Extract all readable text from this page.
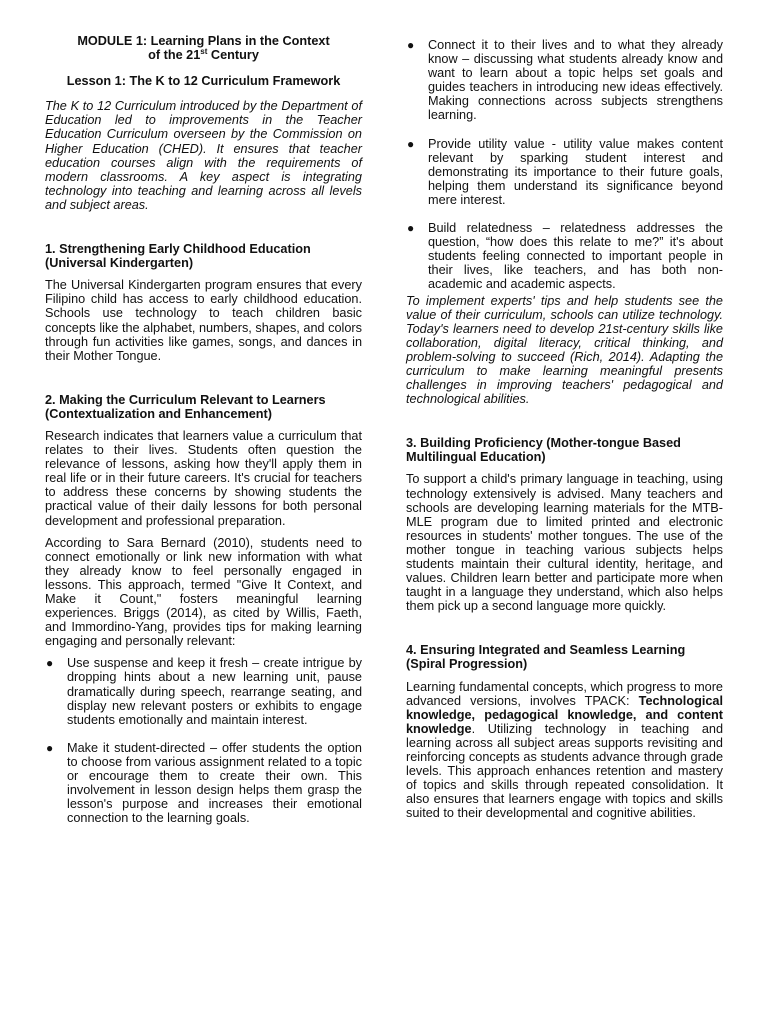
MODULE 1: Learning Plans in the Context
of the 21st Century
Lesson 1: The K to 12 Curriculum Framework

The K to 12 Curriculum introduced by the Department of Education led to improvements in the Teacher Education Curriculum overseen by the Commission on Higher Education (CHED). It ensures that teacher education courses align with the requirements of modern classrooms. A key aspect is integrating technology into teaching and learning across all levels and subject areas.

1. Strengthening Early Childhood Education (Universal Kindergarten)

The Universal Kindergarten program ensures that every Filipino child has access to early childhood education. Schools use technology to teach children basic concepts like the alphabet, numbers, shapes, and colors through fun activities like games, songs, and dances in their Mother Tongue.

2. Making the Curriculum Relevant to Learners (Contextualization and Enhancement)

Research indicates that learners value a curriculum that relates to their lives. Students often question the relevance of lessons, asking how they'll apply them in real life or in their future careers. It's crucial for teachers to address these concerns by showing students the practical value of their daily lessons for both personal development and professional preparation.

According to Sara Bernard (2010), students need to connect emotionally or link new information with what they already know to feel personally engaged in lessons. This approach, termed "Give It Context, and Make it Count," fosters meaningful learning experiences. Briggs (2014), as cited by Willis, Faeth, and Immordino-Yang, provides tips for making learning engaging and personally relevant:

● Use suspense and keep it fresh – create intrigue by dropping hints about a new learning unit, pause dramatically during speech, rearrange seating, and display new relevant posters or exhibits to engage students emotionally and maintain interest.
● Make it student-directed – offer students the option to choose from various assignment related to a topic or encourage them to create their own. This involvement in lesson design helps them grasp the lesson's purpose and increases their emotional connection to the learning goals.
● Connect it to their lives and to what they already know – discussing what students already know and want to learn about a topic helps set goals and guides teachers in introducing new ideas effectively. Making connections across subjects strengthens learning.
● Provide utility value - utility value makes content relevant by sparking student interest and demonstrating its importance to their future goals, helping them understand its significance beyond mere interest.
● Build relatedness – relatedness addresses the question, “how does this relate to me?” it's about students feeling connected to important people in their lives, like teachers, and has both non-academic and academic aspects.

To implement experts' tips and help students see the value of their curriculum, schools can utilize technology. Today's learners need to develop 21st-century skills like collaboration, digital literacy, critical thinking, and problem-solving to succeed (Rich, 2014). Adapting the curriculum to make learning meaningful presents challenges in improving teachers' pedagogical and technological abilities.

3. Building Proficiency (Mother-tongue Based Multilingual Education)

To support a child's primary language in teaching, using technology extensively is advised. Many teachers and schools are developing learning materials for the MTB-MLE program due to limited printed and electronic resources in students' mother tongues. The use of the mother tongue in teaching various subjects helps students maintain their cultural identity, heritage, and values. Children learn better and participate more when taught in a language they understand, which also helps them pick up a second language more quickly.

4. Ensuring Integrated and Seamless Learning (Spiral Progression)

Learning fundamental concepts, which progress to more advanced versions, involves TPACK: Technological knowledge, pedagogical knowledge, and content knowledge. Utilizing technology in teaching and learning across all subject areas supports revisiting and reinforcing concepts as students advance through grade levels. This approach enhances retention and mastery of topics and skills through repeated consolidation. It also ensures that learners engage with topics and skills suited to their developmental and cognitive abilities.
